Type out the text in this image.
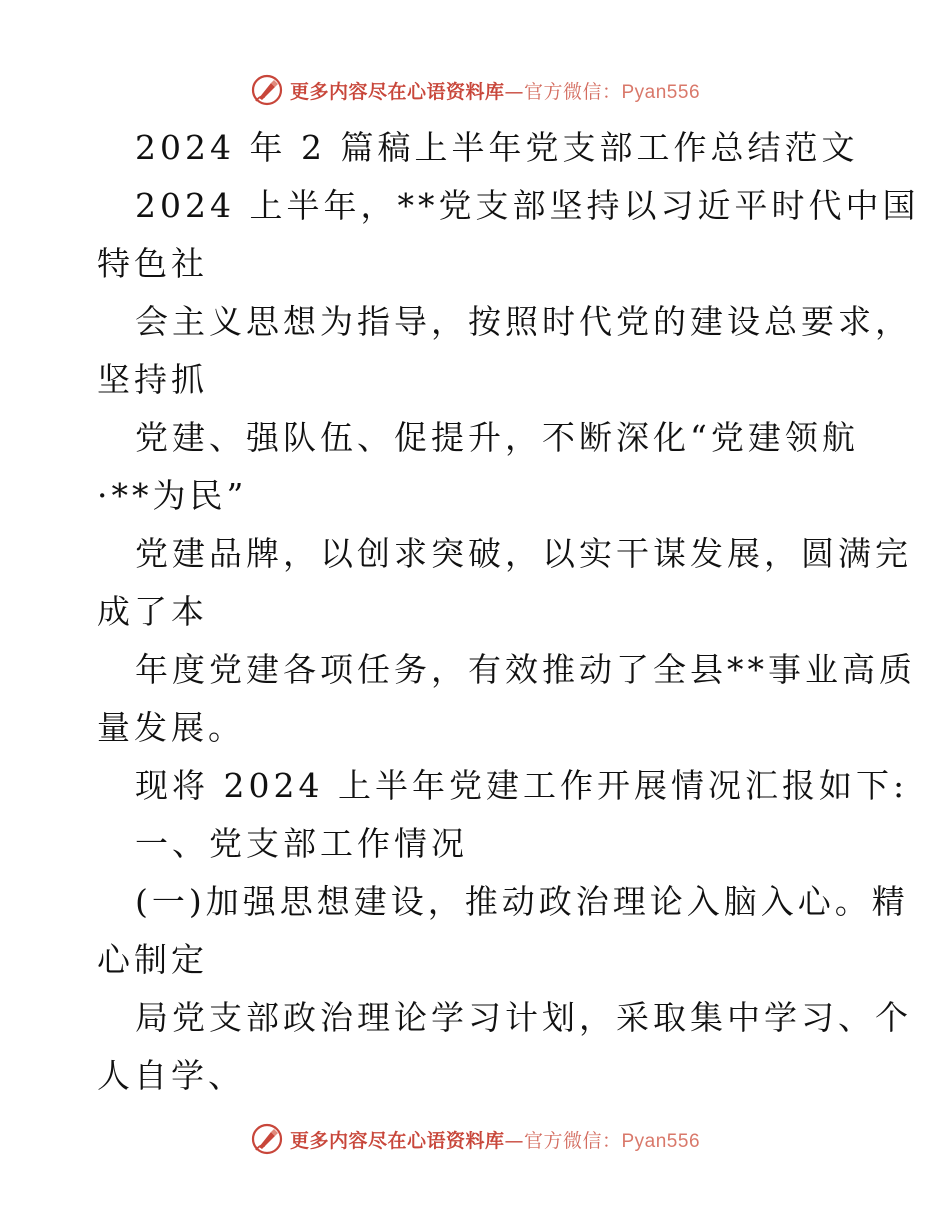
更多内容尽在心语资料库—官方微信：Pyan556
2024 年 2 篇稿上半年党支部工作总结范文
2024 上半年，**党支部坚持以习近平时代中国
特色社
会主义思想为指导，按照时代党的建设总要求，
坚持抓
党建、强队伍、促提升，不断深化“党建领航
·**为民”
党建品牌，以创求突破，以实干谋发展，圆满完
成了本
年度党建各项任务，有效推动了全县**事业高质
量发展。
现将 2024 上半年党建工作开展情况汇报如下:
一、党支部工作情况
(一)加强思想建设，推动政治理论入脑入心。精
心制定
局党支部政治理论学习计划，采取集中学习、个
人自学、
更多内容尽在心语资料库—官方微信：Pyan556
